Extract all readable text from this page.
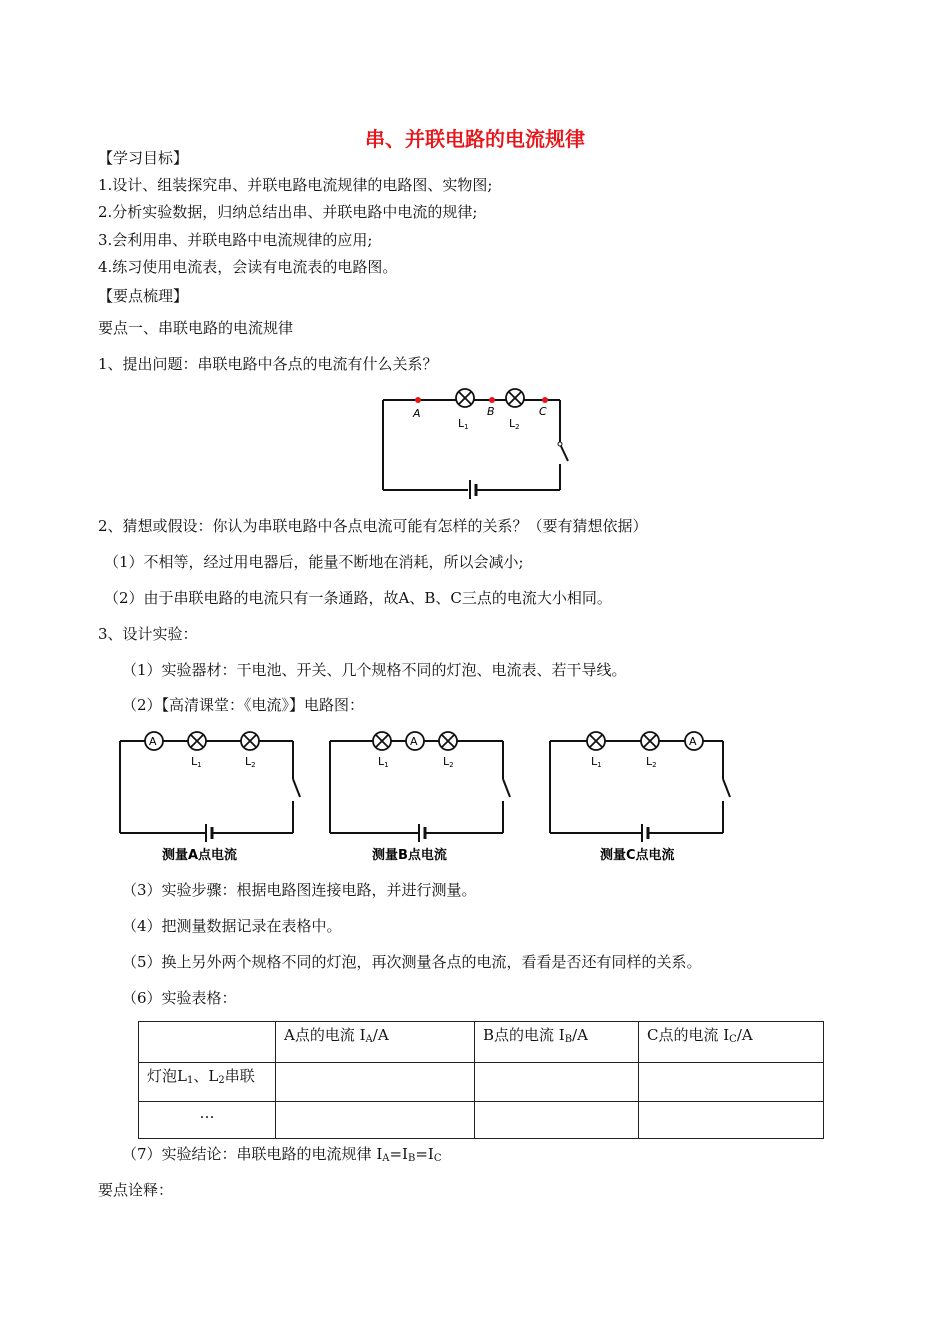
串、并联电路的电流规律
【学习目标】
1.设计、组装探究串、并联电路电流规律的电路图、实物图;
2.分析实验数据，归纳总结出串、并联电路中电流的规律;
3.会利用串、并联电路中电流规律的应用;
4.练习使用电流表，会读有电流表的电路图。
【要点梳理】
要点一、串联电路的电流规律
1、提出问题：串联电路中各点的电流有什么关系？
A	B	C
L1	L2
2、猜想或假设：你认为串联电路中各点电流可能有怎样的关系？（要有猜想依据）
（1）不相等，经过用电器后，能量不断地在消耗，所以会减小;
（2）由于串联电路的电流只有一条通路，故A、B、C三点的电流大小相同。
3、设计实验：
（1）实验器材：干电池、开关、几个规格不同的灯泡、电流表、若干导线。
（2）【高清课堂：《电流》】电路图：
A
L1	L2
测量A点电流
A
L1	L2
测量B点电流
A
L1	L2
测量C点电流
（3）实验步骤：根据电路图连接电路，并进行测量。
（4）把测量数据记录在表格中。
（5）换上另外两个规格不同的灯泡，再次测量各点的电流，看看是否还有同样的关系。
（6）实验表格：
	A点的电流 $I_A/A$	B点的电流 $I_B/A$	C点的电流 $I_C/A$
灯泡$L_1$、$L_2$串联			
…			
（7）实验结论：串联电路的电流规律 $I_A=I_B=I_C$
要点诠释：
